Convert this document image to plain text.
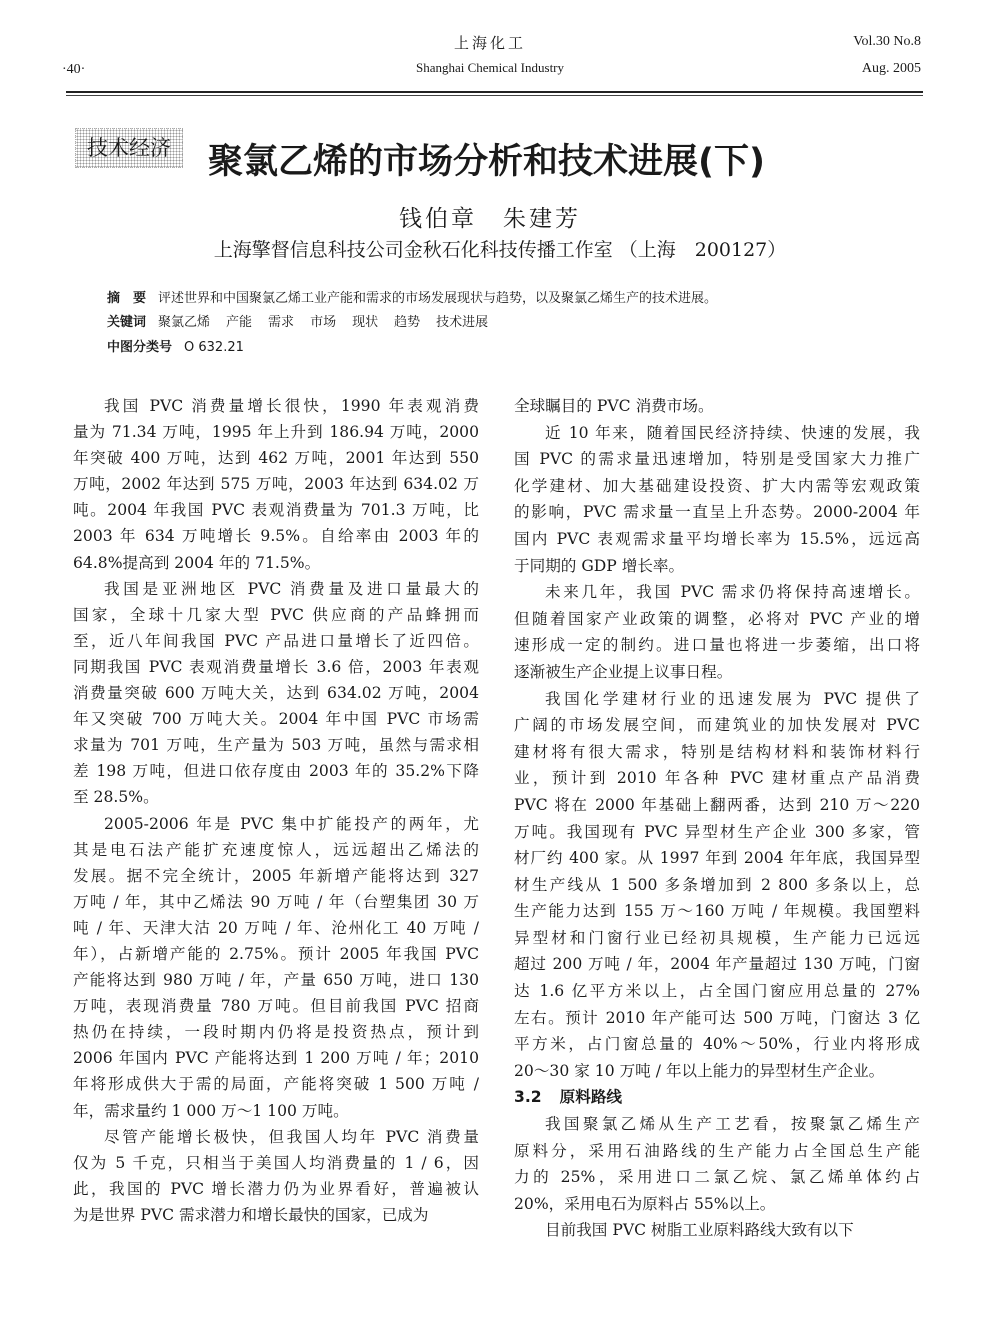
上海化工
Shanghai Chemical Industry
·40·
Vol.30 No.8
Aug. 2005
技术经济	聚氯乙烯的市场分析和技术进展(下)
钱伯章　朱建芳
上海擎督信息科技公司金秋石化科技传播工作室 （上海　200127）
摘　要 评述世界和中国聚氯乙烯工业产能和需求的市场发展现状与趋势，以及聚氯乙烯生产的技术进展。
关键词 聚氯乙烯 产能 需求 市场 现状 趋势 技术进展
中图分类号 O 632.21
我国 PVC 消费量增长很快，1990 年表观消费
量为 71.34 万吨，1995 年上升到 186.94 万吨，2000
年突破 400 万吨，达到 462 万吨，2001 年达到 550
万吨，2002 年达到 575 万吨，2003 年达到 634.02 万
吨。2004 年我国 PVC 表观消费量为 701.3 万吨，比
2003 年 634 万吨增长 9.5%。自给率由 2003 年的
64.8%提高到 2004 年的 71.5%。
我国是亚洲地区 PVC 消费量及进口量最大的
国家，全球十几家大型 PVC 供应商的产品蜂拥而
至，近八年间我国 PVC 产品进口量增长了近四倍。
同期我国 PVC 表观消费量增长 3.6 倍，2003 年表观
消费量突破 600 万吨大关，达到 634.02 万吨，2004
年又突破 700 万吨大关。2004 年中国 PVC 市场需
求量为 701 万吨，生产量为 503 万吨，虽然与需求相
差 198 万吨，但进口依存度由 2003 年的 35.2%下降
至 28.5%。
2005-2006 年是 PVC 集中扩能投产的两年，尤
其是电石法产能扩充速度惊人，远远超出乙烯法的
发展。据不完全统计，2005 年新增产能将达到 327
万吨 / 年，其中乙烯法 90 万吨 / 年（台塑集团 30 万
吨 / 年、天津大沽 20 万吨 / 年、沧州化工 40 万吨 /
年），占新增产能的 2.75%。预计 2005 年我国 PVC
产能将达到 980 万吨 / 年，产量 650 万吨，进口 130
万吨，表现消费量 780 万吨。但目前我国 PVC 招商
热仍在持续，一段时期内仍将是投资热点，预计到
2006 年国内 PVC 产能将达到 1 200 万吨 / 年；2010
年将形成供大于需的局面，产能将突破 1 500 万吨 /
年，需求量约 1 000 万～1 100 万吨。
尽管产能增长极快，但我国人均年 PVC 消费量
仅为 5 千克，只相当于美国人均消费量的 1 / 6，因
此，我国的 PVC 增长潜力仍为业界看好，普遍被认
为是世界 PVC 需求潜力和增长最快的国家，已成为
全球瞩目的 PVC 消费市场。
近 10 年来，随着国民经济持续、快速的发展，我
国 PVC 的需求量迅速增加，特别是受国家大力推广
化学建材、加大基础建设投资、扩大内需等宏观政策
的影响，PVC 需求量一直呈上升态势。2000-2004 年
国内 PVC 表观需求量平均增长率为 15.5%，远远高
于同期的 GDP 增长率。
未来几年，我国 PVC 需求仍将保持高速增长。
但随着国家产业政策的调整，必将对 PVC 产业的增
速形成一定的制约。进口量也将进一步萎缩，出口将
逐渐被生产企业提上议事日程。
我国化学建材行业的迅速发展为 PVC 提供了
广阔的市场发展空间，而建筑业的加快发展对 PVC
建材将有很大需求，特别是结构材料和装饰材料行
业，预计到 2010 年各种 PVC 建材重点产品消费
PVC 将在 2000 年基础上翻两番，达到 210 万～220
万吨。我国现有 PVC 异型材生产企业 300 多家，管
材厂约 400 家。从 1997 年到 2004 年年底，我国异型
材生产线从 1 500 多条增加到 2 800 多条以上，总
生产能力达到 155 万～160 万吨 / 年规模。我国塑料
异型材和门窗行业已经初具规模，生产能力已远远
超过 200 万吨 / 年，2004 年产量超过 130 万吨，门窗
达 1.6 亿平方米以上，占全国门窗应用总量的 27%
左右。预计 2010 年产能可达 500 万吨，门窗达 3 亿
平方米，占门窗总量的 40%～50%，行业内将形成
20～30 家 10 万吨 / 年以上能力的异型材生产企业。
3.2 原料路线
我国聚氯乙烯从生产工艺看，按聚氯乙烯生产
原料分，采用石油路线的生产能力占全国总生产能
力的 25%，采用进口二氯乙烷、氯乙烯单体约占
20%，采用电石为原料占 55%以上。
目前我国 PVC 树脂工业原料路线大致有以下
